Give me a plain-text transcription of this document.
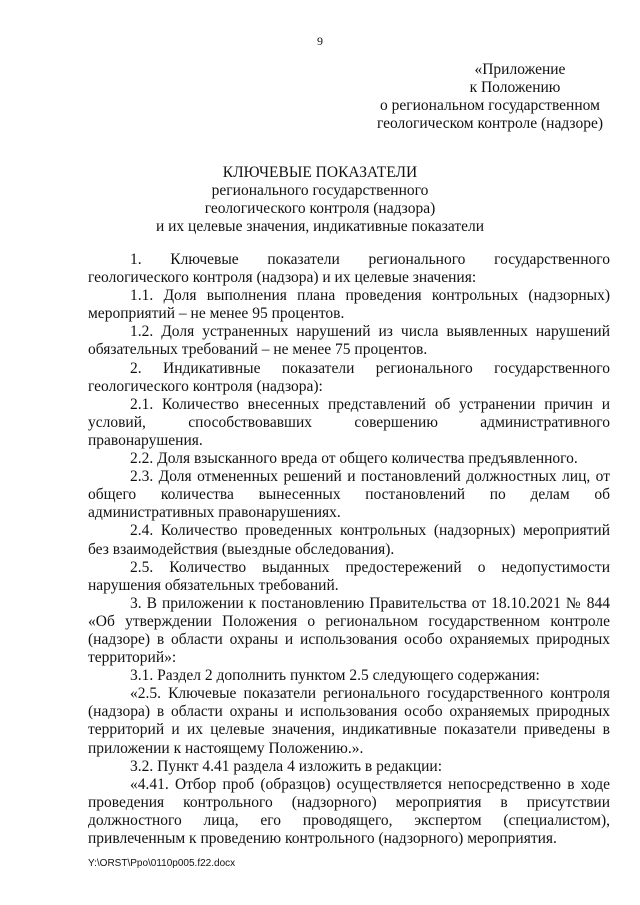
9
«Приложение
к Положению
о региональном государственном
геологическом контроле (надзоре)
КЛЮЧЕВЫЕ ПОКАЗАТЕЛИ
регионального государственного
геологического контроля (надзора)
и их целевые значения, индикативные показатели

1. Ключевые показатели регионального государственного геологического контроля (надзора) и их целевые значения:

1.1. Доля выполнения плана проведения контрольных (надзорных) мероприятий – не менее 95 процентов.

1.2. Доля устраненных нарушений из числа выявленных нарушений обязательных требований – не менее 75 процентов.

2. Индикативные показатели регионального государственного геологического контроля (надзора):

2.1. Количество внесенных представлений об устранении причин и условий, способствовавших совершению административного правонарушения.

2.2. Доля взысканного вреда от общего количества предъявленного.

2.3. Доля отмененных решений и постановлений должностных лиц, от общего количества вынесенных постановлений по делам об административных правонарушениях.

2.4. Количество проведенных контрольных (надзорных) мероприятий без взаимодействия (выездные обследования).

2.5. Количество выданных предостережений о недопустимости нарушения обязательных требований.

3. В приложении к постановлению Правительства от 18.10.2021 № 844 «Об утверждении Положения о региональном государственном контроле (надзоре) в области охраны и использования особо охраняемых природных территорий»:

3.1. Раздел 2 дополнить пунктом 2.5 следующего содержания:

«2.5. Ключевые показатели регионального государственного контроля (надзора) в области охраны и использования особо охраняемых природных территорий и их целевые значения, индикативные показатели приведены в приложении к настоящему Положению.».

3.2. Пункт 4.41 раздела 4 изложить в редакции:

«4.41. Отбор проб (образцов) осуществляется непосредственно в ходе проведения контрольного (надзорного) мероприятия в присутствии должностного лица, его проводящего, экспертом (специалистом), привлеченным к проведению контрольного (надзорного) мероприятия.

Y:\ORST\Ppo\0110p005.f22.docx
